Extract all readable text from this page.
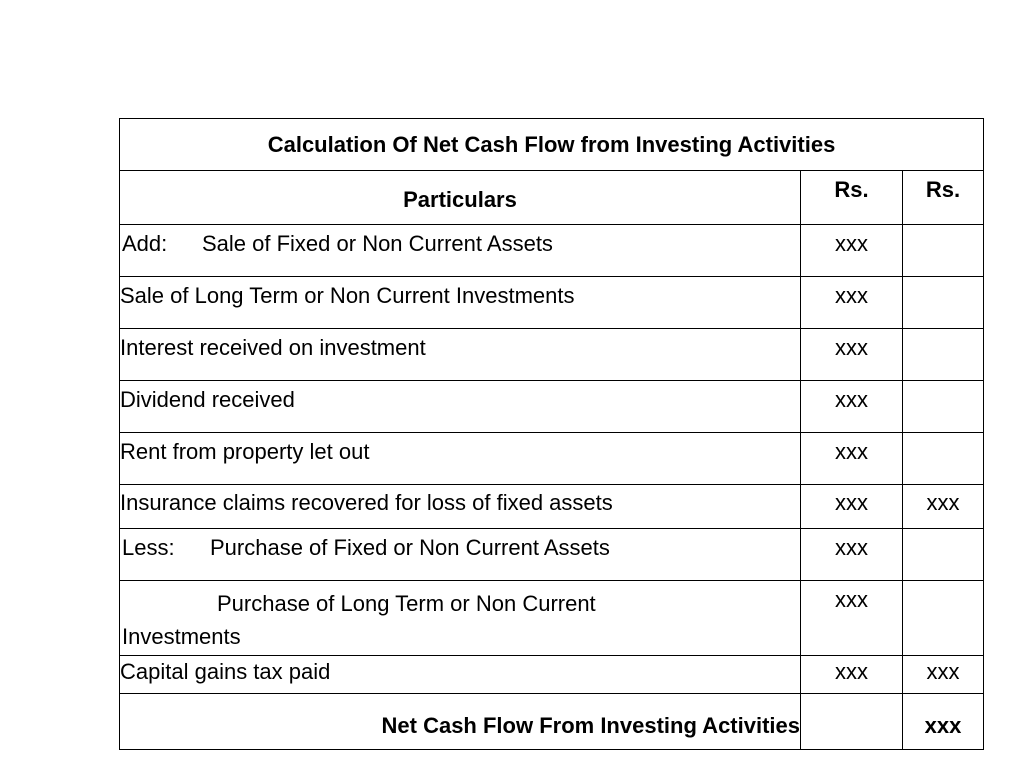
Calculation Of Net Cash Flow from Investing Activities		
Particulars	Rs.	Rs.
Add: Sale of Fixed or Non Current Assets	xxx	
Sale of Long Term or Non Current Investments	xxx	
Interest received on investment	xxx	
Dividend received	xxx	
Rent from property let out	xxx	
Insurance claims recovered for loss of fixed assets	xxx	xxx
Less: Purchase of Fixed or Non Current Assets	xxx	

Purchase of Long Term or Non Current
Investments	xxx	
Capital gains tax paid	xxx	xxx
Net Cash Flow From Investing Activities		xxx
